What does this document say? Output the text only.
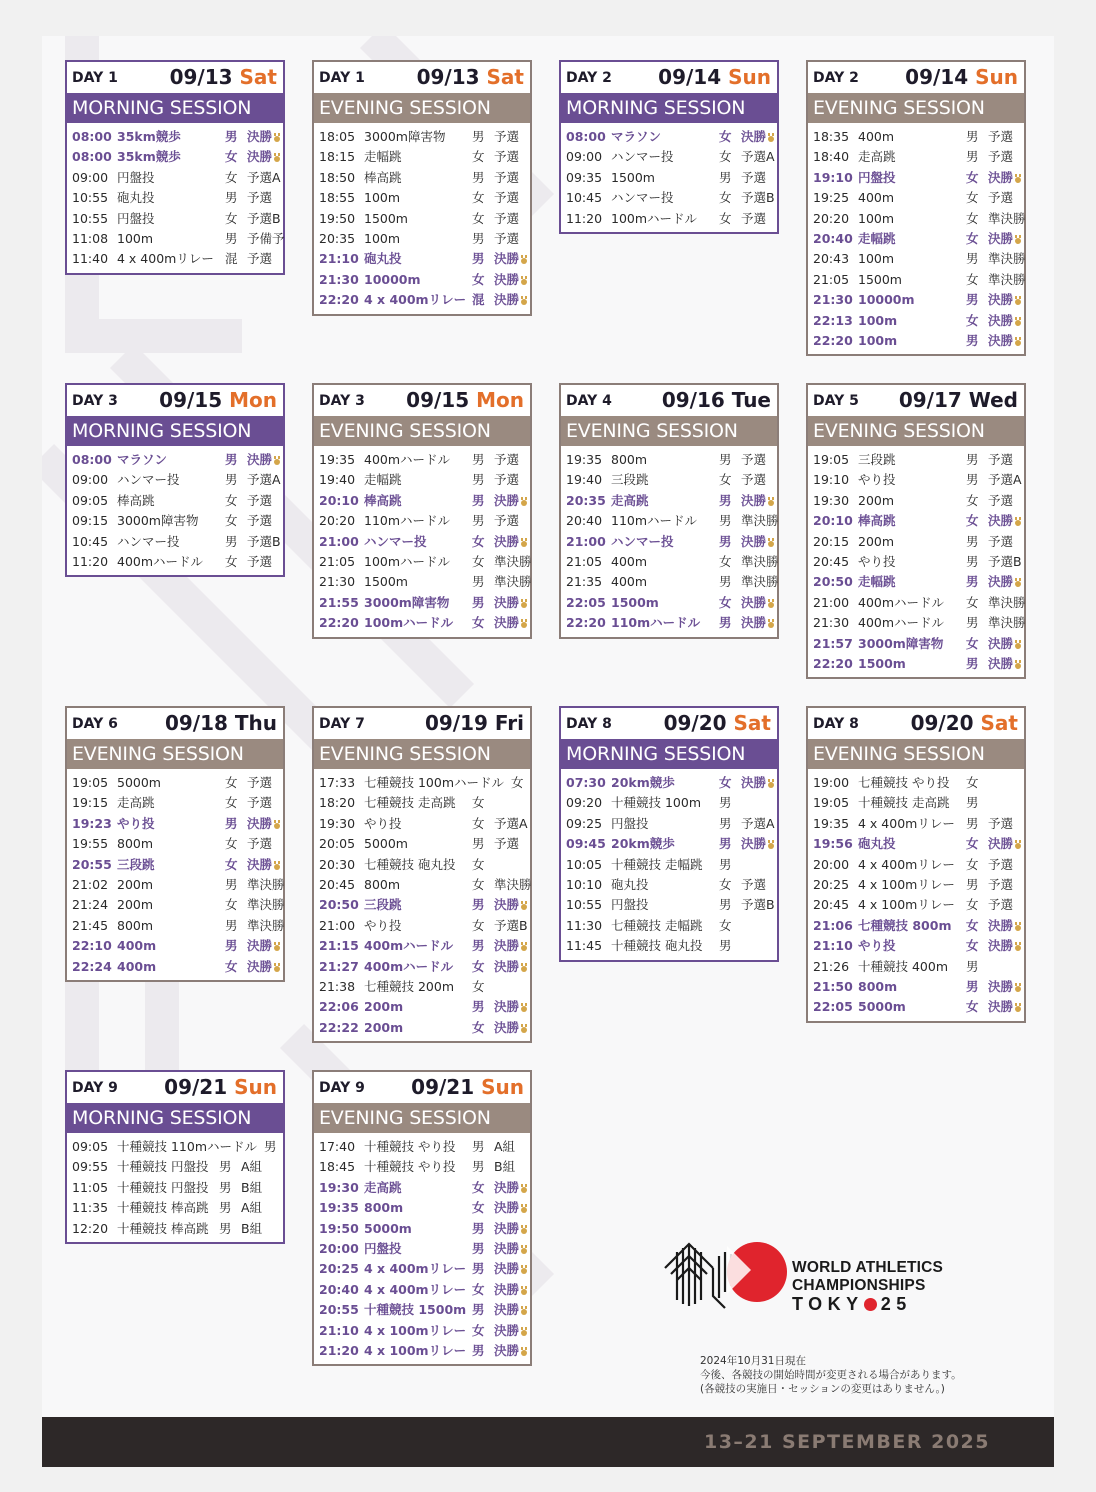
DAY 1	09/13 Sat
MORNING SESSION
08:00 35km競歩	男 決勝
08:00 35km競歩	女 決勝
09:00 円盤投	女 予選A
10:55 砲丸投	男 予選
10:55 円盤投	女 予選B
11:08 100m	男 予備予
11:40 4 x 400mリレー 混 予選
DAY 1	09/13 Sat
EVENING SESSION
18:05 3000m障害物 男 予選
18:15 走幅跳	女 予選
18:50 棒高跳	男 予選
18:55 100m	女 予選
19:50 1500m	女 予選
20:35 100m	男 予選
21:10 砲丸投	男 決勝
21:30 10000m	女 決勝
22:20 4 x 400mリレー 混 決勝
DAY 2 09/14 Sun
MORNING SESSION
08:00 マラソン	女 決勝
09:00 ハンマー投	女 予選A
09:35 1500m	男 予選
10:45 ハンマー投	女 予選B
11:20 100mハードル 女 予選
DAY 2 09/14 Sun
EVENING SESSION
18:35 400m	男 予選
18:40 走高跳	男 予選
19:10 円盤投	女 決勝
19:25 400m	女 予選
20:20 100m	女 準決勝
20:40 走幅跳	女 決勝
20:43 100m	男 準決勝
21:05 1500m	女 準決勝
21:30 10000m	男 決勝
22:13 100m	女 決勝
22:20 100m	男 決勝
DAY 3 09/15 Mon
MORNING SESSION
08:00 マラソン	男 決勝
09:00 ハンマー投	男 予選A
09:05 棒高跳	女 予選
09:15 3000m障害物 女 予選
10:45 ハンマー投	男 予選B
11:20 400mハードル 女 予選
DAY 3 09/15 Mon
EVENING SESSION
19:35 400mハードル 男 予選
19:40 走幅跳	男 予選
20:10 棒高跳	男 決勝
20:20 110mハードル 男 予選
21:00 ハンマー投	女 決勝
21:05 100mハードル 女 準決勝
21:30 1500m	男 準決勝
21:55 3000m障害物 男 決勝
22:20 100mハードル 女 決勝
DAY 4 09/16 Tue
EVENING SESSION
19:35 800m	男 予選
19:40 三段跳	女 予選
20:35 走高跳	男 決勝
20:40 110mハードル 男 準決勝
21:00 ハンマー投	男 決勝
21:05 400m	女 準決勝
21:35 400m	男 準決勝
22:05 1500m	女 決勝
22:20 110mハードル 男 決勝
DAY 5 09/17 Wed
EVENING SESSION
19:05 三段跳	男 予選
19:10 やり投	男 予選A
19:30 200m	女 予選
20:10 棒高跳	女 決勝
20:15 200m	男 予選
20:45 やり投	男 予選B
20:50 走幅跳	男 決勝
21:00 400mハードル 女 準決勝
21:30 400mハードル 男 準決勝
21:57 3000m障害物 女 決勝
22:20 1500m	男 決勝
DAY 6 09/18 Thu
EVENING SESSION
19:05 5000m	女 予選
19:15 走高跳	女 予選
19:23 やり投	男 決勝
19:55 800m	女 予選
20:55 三段跳	女 決勝
21:02 200m	男 準決勝
21:24 200m	女 準決勝
21:45 800m	男 準決勝
22:10 400m	男 決勝
22:24 400m	女 決勝
DAY 7	09/19 Fri
EVENING SESSION
17:33 七種競技 100mハードル 女
18:20 七種競技 走高跳 女
19:30 やり投	女 予選A
20:05 5000m	男 予選
20:30 七種競技 砲丸投 女
20:45 800m	女 準決勝
20:50 三段跳	男 決勝
21:00 やり投	女 予選B
21:15 400mハードル 男 決勝
21:27 400mハードル 女 決勝
21:38 七種競技 200m 女
22:06 200m	男 決勝
22:22 200m	女 決勝
DAY 8	09/20 Sat
MORNING SESSION
07:30 20km競歩	女 決勝
09:20 十種競技 100m 男
09:25 円盤投	男 予選A
09:45 20km競歩	男 決勝
10:05 十種競技 走幅跳 男
10:10 砲丸投	女 予選
10:55 円盤投	男 予選B
11:30 七種競技 走幅跳 女
11:45 十種競技 砲丸投 男
DAY 8	09/20 Sat
EVENING SESSION
19:00 七種競技 やり投 女
19:05 十種競技 走高跳 男
19:35 4 x 400mリレー 男 予選
19:56 砲丸投	女 決勝
20:00 4 x 400mリレー 女 予選
20:25 4 x 100mリレー 男 予選
20:45 4 x 100mリレー 女 予選
21:06 七種競技 800m 女 決勝
21:10 やり投	女 決勝
21:26 十種競技 400m 男
21:50 800m	男 決勝
22:05 5000m	女 決勝
DAY 9 09/21 Sun
MORNING SESSION
09:05 十種競技 110mハードル 男
09:55 十種競技 円盤投 男 A組
11:05 十種競技 円盤投 男 B組
11:35 十種競技 棒高跳 男 A組
12:20 十種競技 棒高跳 男 B組
DAY 9 09/21 Sun
EVENING SESSION
17:40 十種競技 やり投 男 A組
18:45 十種競技 やり投 男 B組
19:30 走高跳	女 決勝
19:35 800m	女 決勝
19:50 5000m	男 決勝
20:00 円盤投	男 決勝
20:25 4 x 400mリレー 男 決勝
20:40 4 x 400mリレー 女 決勝
20:55 十種競技 1500m 男 決勝
21:10 4 x 100mリレー 女 決勝
21:20 4 x 100mリレー 男 決勝
WORLD ATHLETICS
CHAMPIONSHIPS
TOKY 25
2024年10月31日現在
今後、各競技の開始時間が変更される場合があります。
(各競技の実施日・セッションの変更はありません。)
13–21 SEPTEMBER 2025
